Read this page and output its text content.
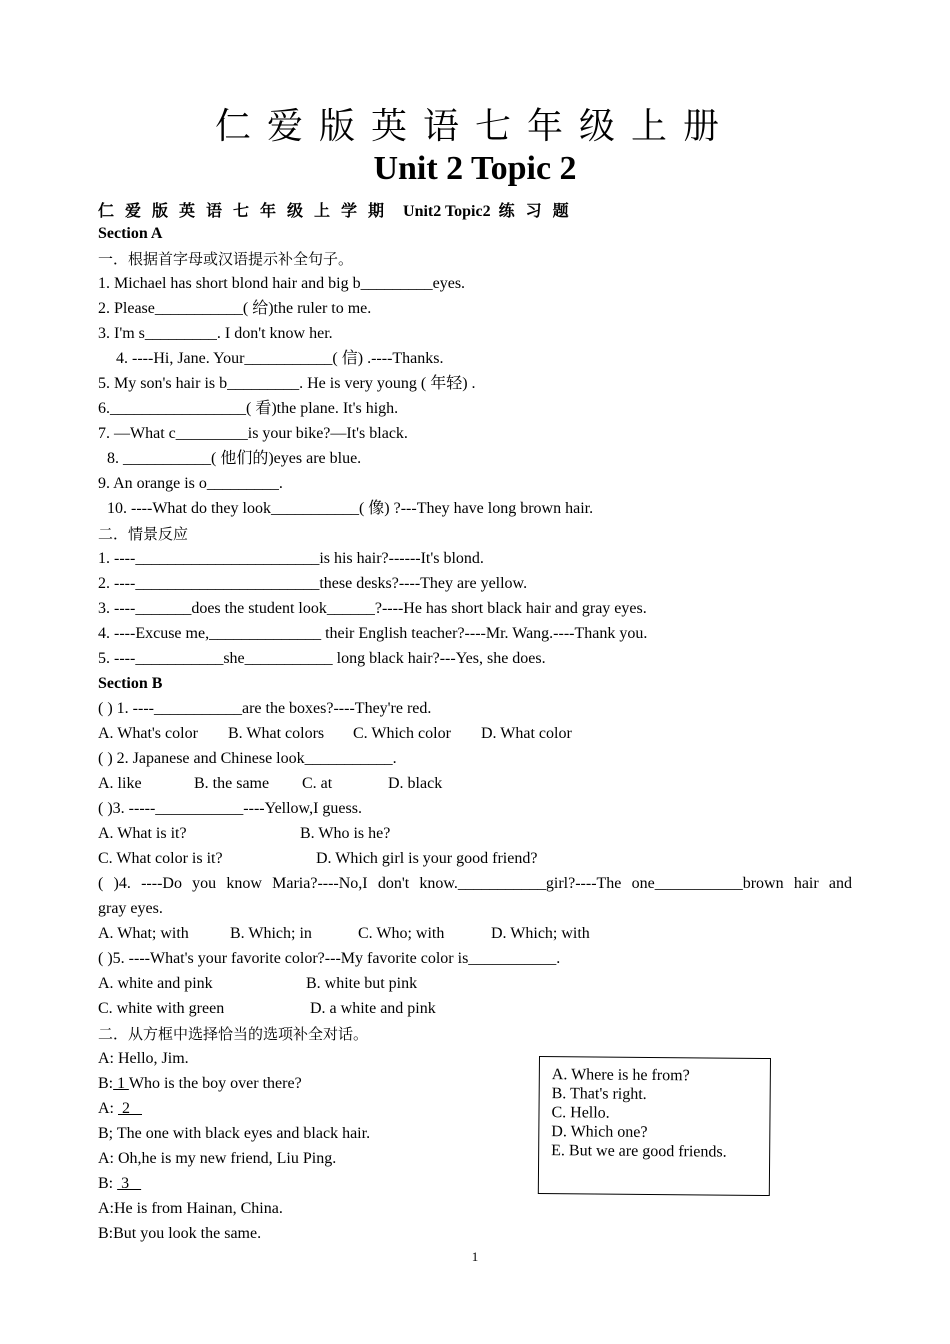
仁爱版英语七年级上册
Unit 2 Topic 2
仁爱版英语七年级上学期 Unit2 Topic2 练习题
Section A
一．根据首字母或汉语提示补全句子。
1. Michael has short blond hair and big b_________eyes.
2. Please___________( 给)the ruler to me.
3. I'm s_________. I don't know her.
4. ----Hi, Jane. Your___________( 信) .----Thanks.
5. My son's hair is b_________. He is very young ( 年轻) .
6._________________( 看)the plane. It's high.
7. —What c_________is your bike?—It's black.
8. ___________( 他们的)eyes are blue.
9. An orange is o_________.
10. ----What do they look___________( 像) ?---They have long brown hair.
二．情景反应
1. ----_______________________is his hair?------It's blond.
2. ----_______________________these desks?----They are yellow.
3. ----_______does the student look______?----He has short black hair and gray eyes.
4. ----Excuse me,______________ their English teacher?----Mr. Wang.----Thank you.
5. ----___________she___________ long black hair?---Yes, she does.
Section B
( ) 1. ----___________are the boxes?----They're red.
A. What's color B. What colors C. Which color D. What color
( ) 2. Japanese and Chinese look___________.
A. like	B. the same C. at	D. black
( )3. -----___________----Yellow,I guess.
A. What is it?	B. Who is he?
C. What color is it?	D. Which girl is your good friend?
( )4. ----Do you know Maria?----No,I don't know.___________girl?----The one___________brown hair and
gray eyes.
A. What; with	B. Which; in	C. Who; with	D. Which; with
( )5. ----What's your favorite color?---My favorite color is___________.
A. white and pink	B. white but pink
C. white with green	D. a white and pink
二．从方框中选择恰当的选项补全对话。
A: Hello, Jim.
B: 1 Who is the boy over there?
A:  2
B; The one with black eyes and black hair.
A: Oh,he is my new friend, Liu Ping.
B:  3
A:He is from Hainan, China.
B:But you look the same.
A. Where is he from?
B. That's right.
C. Hello.
D. Which one?
E. But we are good friends.
1
